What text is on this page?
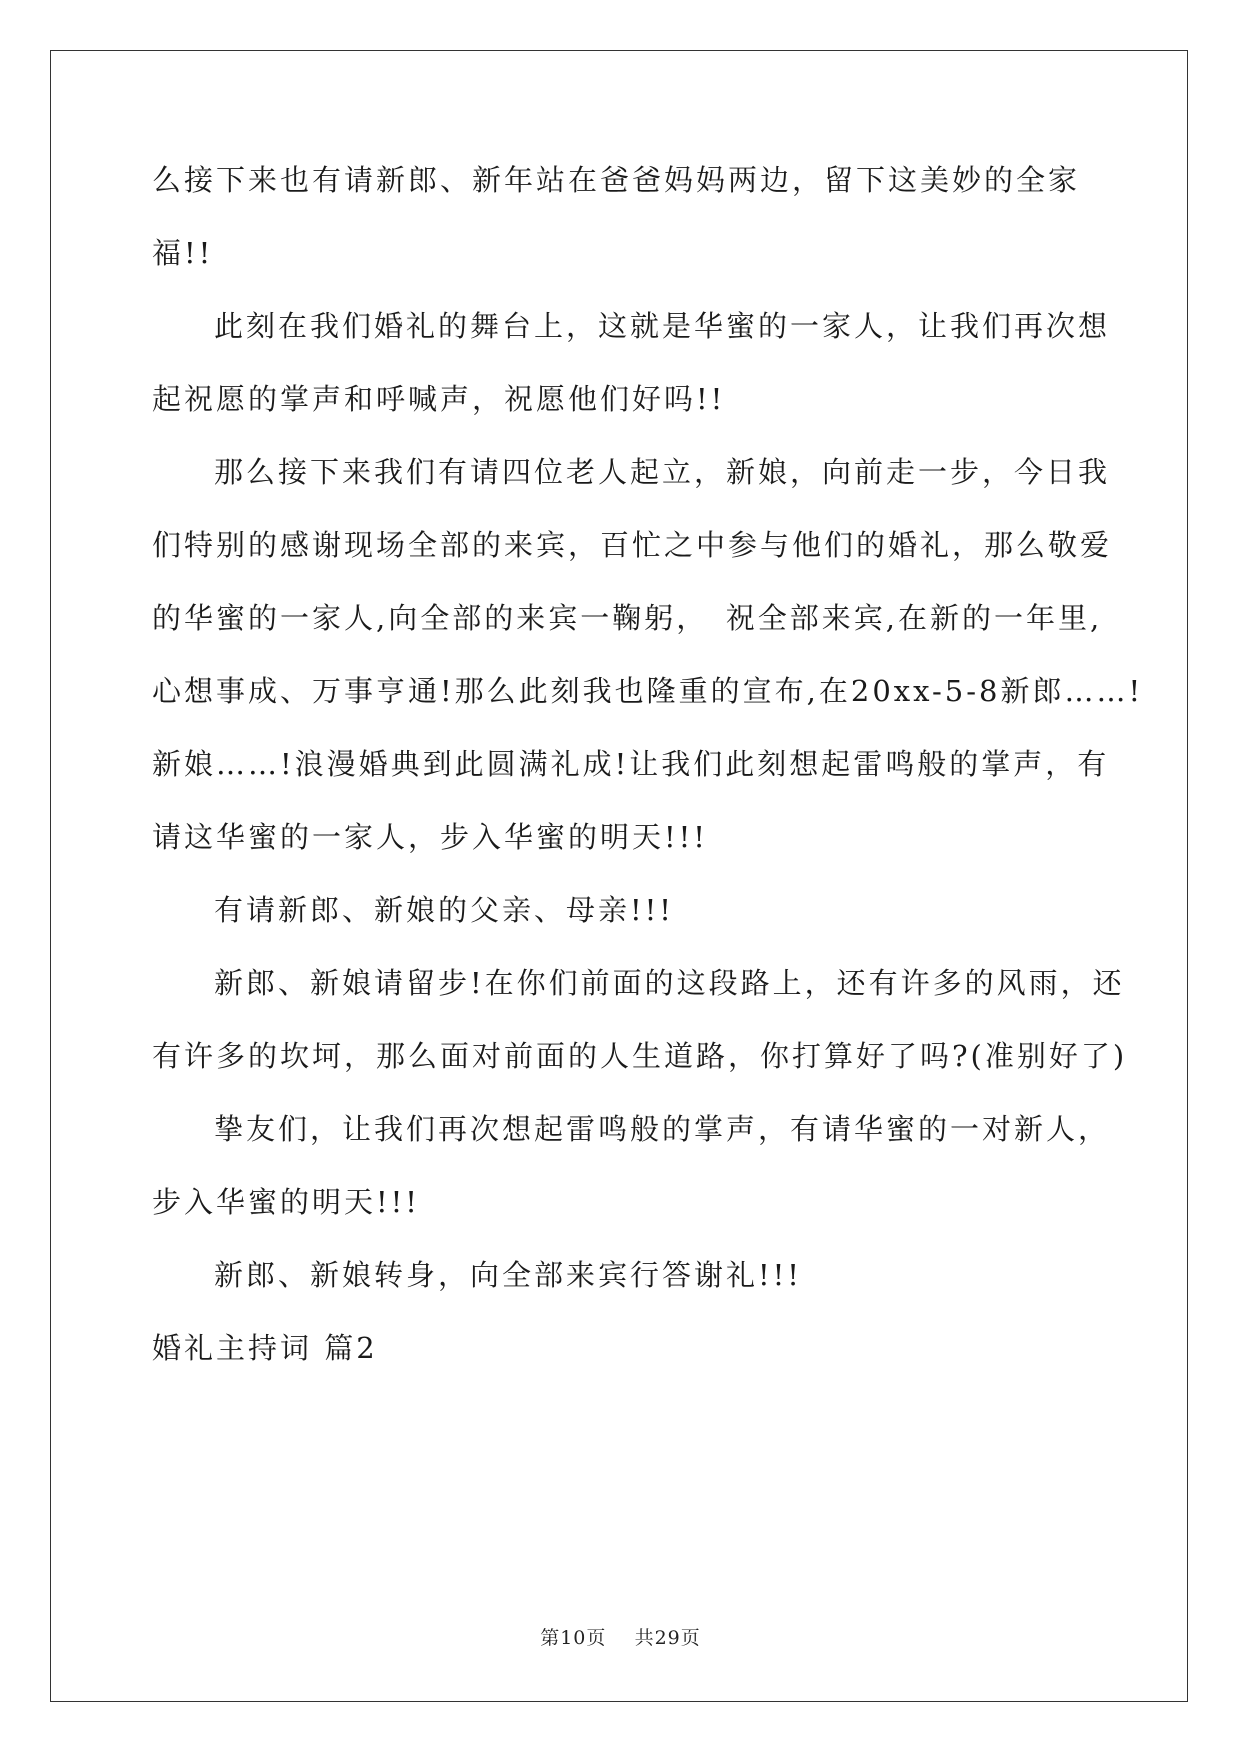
么接下来也有请新郎、新年站在爸爸妈妈两边，留下这美妙的全家
福!!
此刻在我们婚礼的舞台上，这就是华蜜的一家人，让我们再次想
起祝愿的掌声和呼喊声，祝愿他们好吗!!
那么接下来我们有请四位老人起立，新娘，向前走一步，今日我
们特别的感谢现场全部的来宾，百忙之中参与他们的婚礼，那么敬爱
的华蜜的一家人,向全部的来宾一鞠躬，　祝全部来宾,在新的一年里,
心想事成、万事亨通!那么此刻我也隆重的宣布,在20xx-5-8新郎……!
新娘……!浪漫婚典到此圆满礼成!让我们此刻想起雷鸣般的掌声，有
请这华蜜的一家人，步入华蜜的明天!!!
有请新郎、新娘的父亲、母亲!!!
新郎、新娘请留步!在你们前面的这段路上，还有许多的风雨，还
有许多的坎坷，那么面对前面的人生道路，你打算好了吗?(准别好了)
挚友们，让我们再次想起雷鸣般的掌声，有请华蜜的一对新人，
步入华蜜的明天!!!
新郎、新娘转身，向全部来宾行答谢礼!!!
婚礼主持词 篇2
第10页 共29页
